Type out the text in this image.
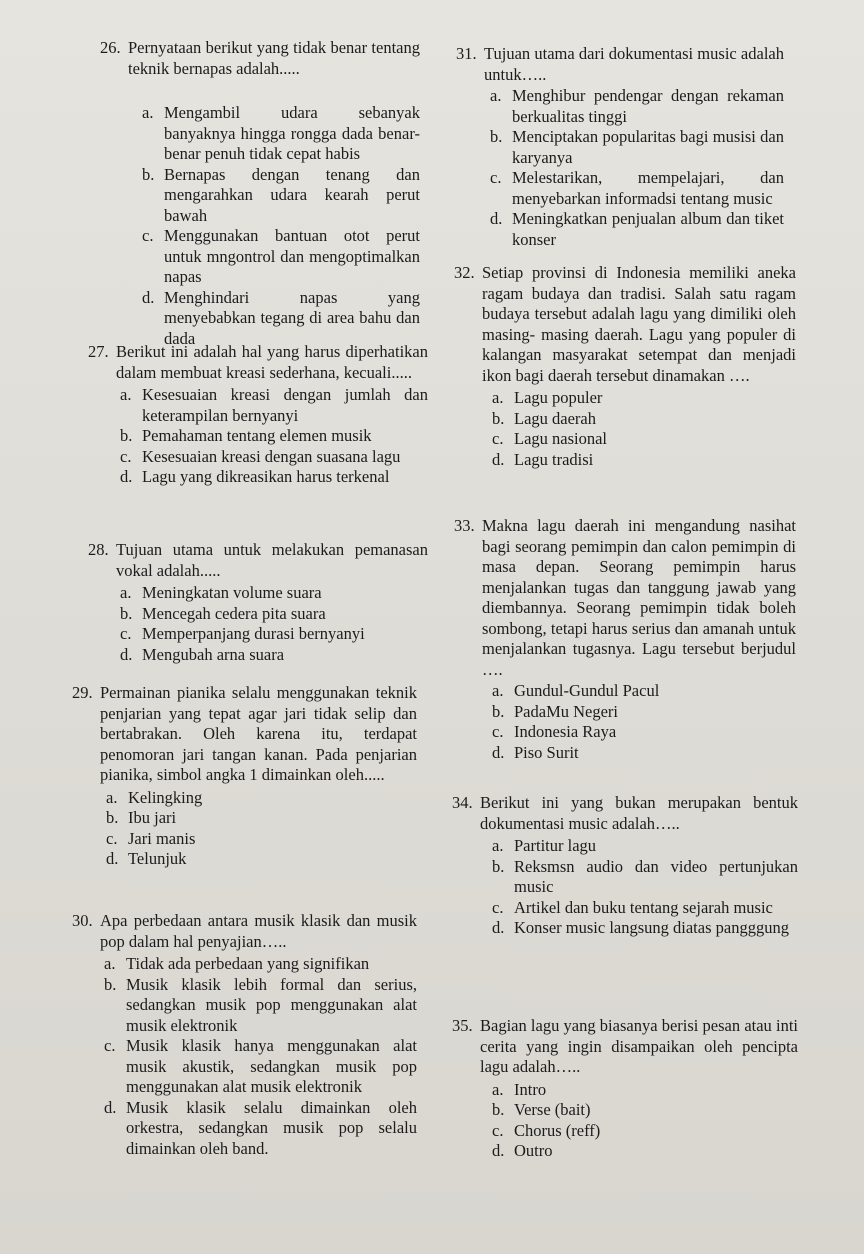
26. Pernyataan berikut yang tidak benar tentang teknik bernapas adalah.....
a. Mengambil udara sebanyak banyaknya hingga rongga dada benar- benar penuh tidak cepat habis
b. Bernapas dengan tenang dan mengarahkan udara kearah perut bawah
c. Menggunakan bantuan otot perut untuk mngontrol dan mengoptimalkan napas
d. Menghindari napas yang menyebabkan tegang di area bahu dan dada
27. Berikut ini adalah hal yang harus diperhatikan dalam membuat kreasi sederhana, kecuali.....
a. Kesesuaian kreasi dengan jumlah dan keterampilan bernyanyi
b. Pemahaman tentang elemen musik
c. Kesesuaian kreasi dengan suasana lagu
d. Lagu yang dikreasikan harus terkenal
28. Tujuan utama untuk melakukan pemanasan vokal adalah.....
a. Meningkatan volume suara
b. Mencegah cedera pita suara
c. Memperpanjang durasi bernyanyi
d. Mengubah arna suara
29. Permainan pianika selalu menggunakan teknik penjarian yang tepat agar jari tidak selip dan bertabrakan. Oleh karena itu, terdapat penomoran jari tangan kanan. Pada penjarian pianika, simbol angka 1 dimainkan oleh.....
a. Kelingking
b. Ibu jari
c. Jari manis
d. Telunjuk
30. Apa perbedaan antara musik klasik dan musik pop dalam hal penyajian…..
a. Tidak ada perbedaan yang signifikan
b. Musik klasik lebih formal dan serius, sedangkan musik pop menggunakan alat musik elektronik
c. Musik klasik hanya menggunakan alat musik akustik, sedangkan musik pop menggunakan alat musik elektronik
d. Musik klasik selalu dimainkan oleh orkestra, sedangkan musik pop selalu dimainkan oleh band.
31. Tujuan utama dari dokumentasi music adalah untuk…..
a. Menghibur pendengar dengan rekaman berkualitas tinggi
b. Menciptakan popularitas bagi musisi dan karyanya
c. Melestarikan, mempelajari, dan menyebarkan informadsi tentang music
d. Meningkatkan penjualan album dan tiket konser
32. Setiap provinsi di Indonesia memiliki aneka ragam budaya dan tradisi. Salah satu ragam budaya tersebut adalah lagu yang dimiliki oleh masing- masing daerah. Lagu yang populer di kalangan masyarakat setempat dan menjadi ikon bagi daerah tersebut dinamakan ….
a. Lagu populer
b. Lagu daerah
c. Lagu nasional
d. Lagu tradisi
33. Makna lagu daerah ini mengandung nasihat bagi seorang pemimpin dan calon pemimpin di masa depan. Seorang pemimpin harus menjalankan tugas dan tanggung jawab yang diembannya. Seorang pemimpin tidak boleh sombong, tetapi harus serius dan amanah untuk menjalankan tugasnya. Lagu tersebut berjudul ….
a. Gundul-Gundul Pacul
b. PadaMu Negeri
c. Indonesia Raya
d. Piso Surit
34. Berikut ini yang bukan merupakan bentuk dokumentasi music adalah…..
a. Partitur lagu
b. Reksmsn audio dan video pertunjukan music
c. Artikel dan buku tentang sejarah music
d. Konser music langsung diatas pangggung
35. Bagian lagu yang biasanya berisi pesan atau inti cerita yang ingin disampaikan oleh pencipta lagu adalah…..
a. Intro
b. Verse (bait)
c. Chorus (reff)
d. Outro
